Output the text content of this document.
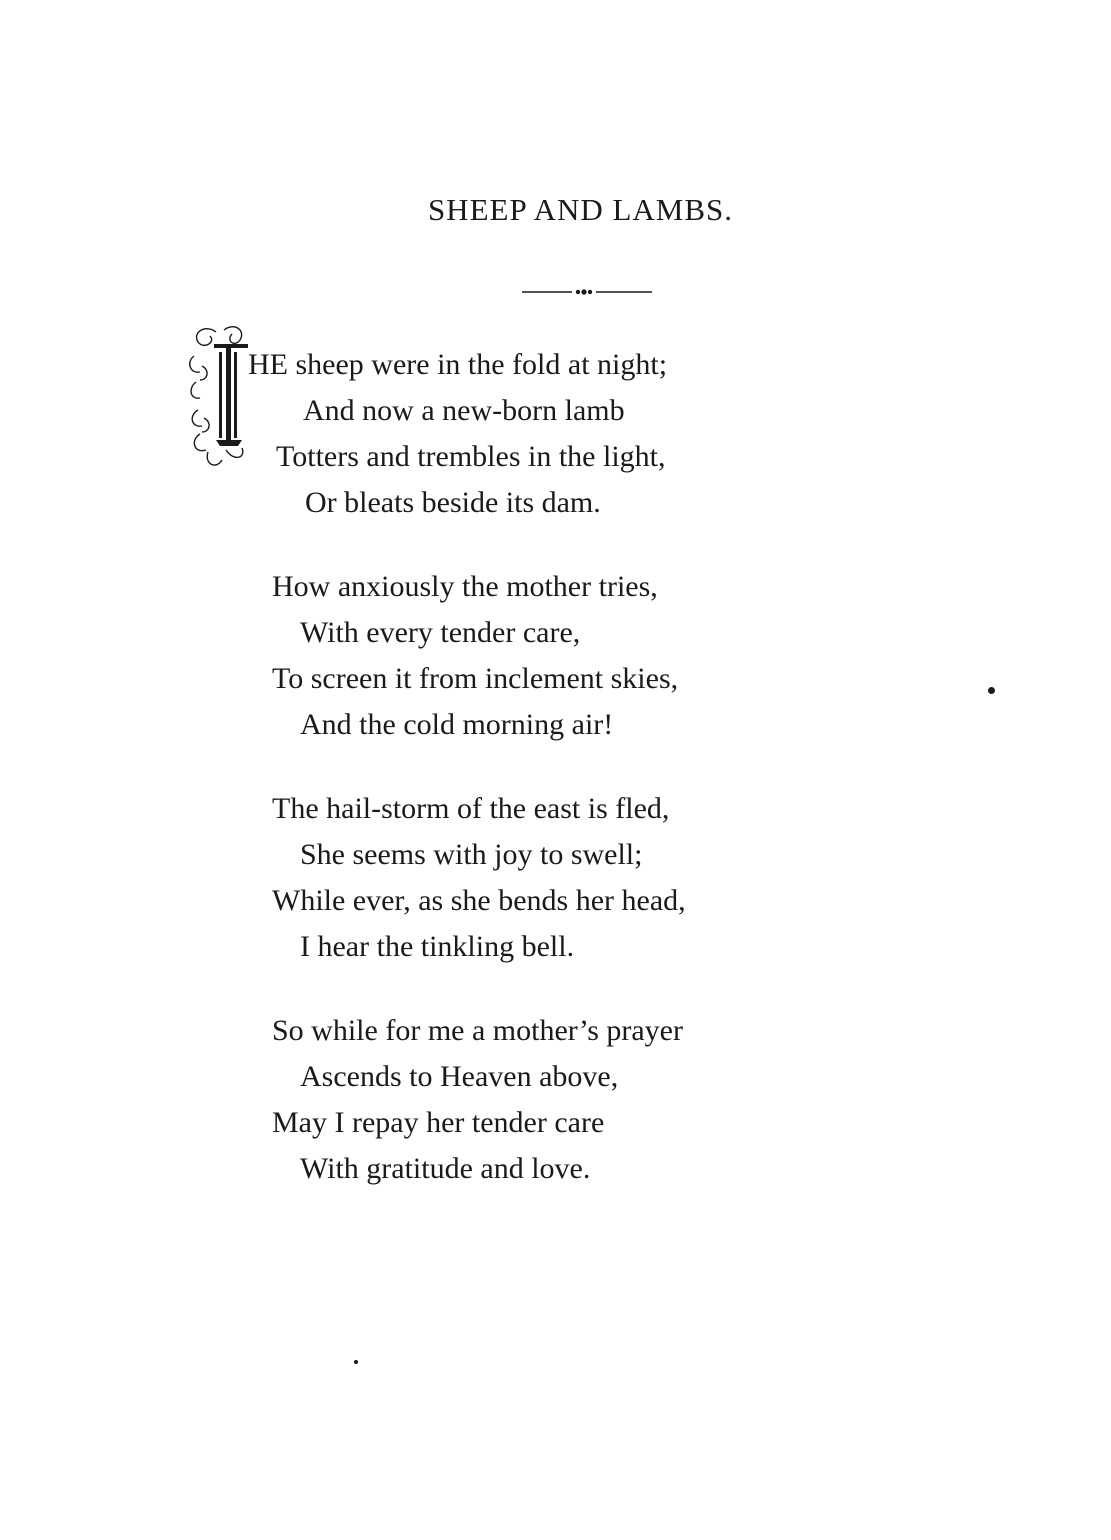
SHEEP AND LAMBS.
HE sheep were in the fold at night;
And now a new-born lamb
Totters and trembles in the light,
Or bleats beside its dam.
How anxiously the mother tries,
With every tender care,
To screen it from inclement skies,
And the cold morning air!
The hail-storm of the east is fled,
She seems with joy to swell;
While ever, as she bends her head,
I hear the tinkling bell.
So while for me a mother’s prayer
Ascends to Heaven above,
May I repay her tender care
With gratitude and love.
